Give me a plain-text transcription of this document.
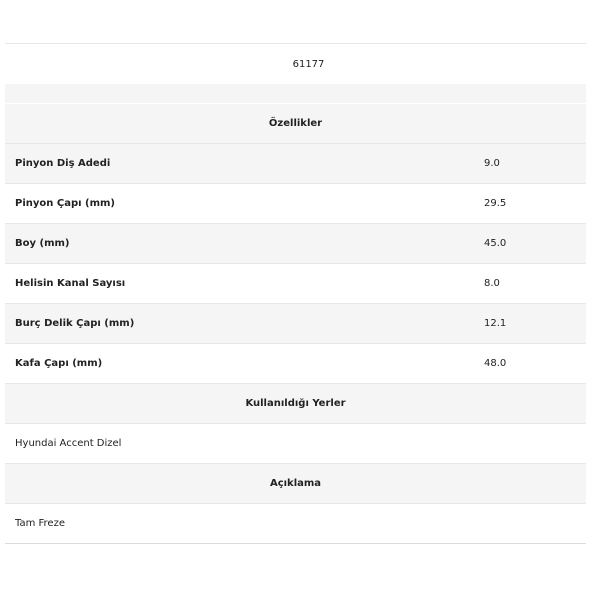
61177
Özellikler
Pinyon Diş Adedi	9.0
Pinyon Çapı (mm)	29.5
Boy (mm)	45.0
Helisin Kanal Sayısı	8.0
Burç Delik Çapı (mm)	12.1
Kafa Çapı (mm)	48.0
Kullanıldığı Yerler
Hyundai Accent Dizel
Açıklama
Tam Freze
